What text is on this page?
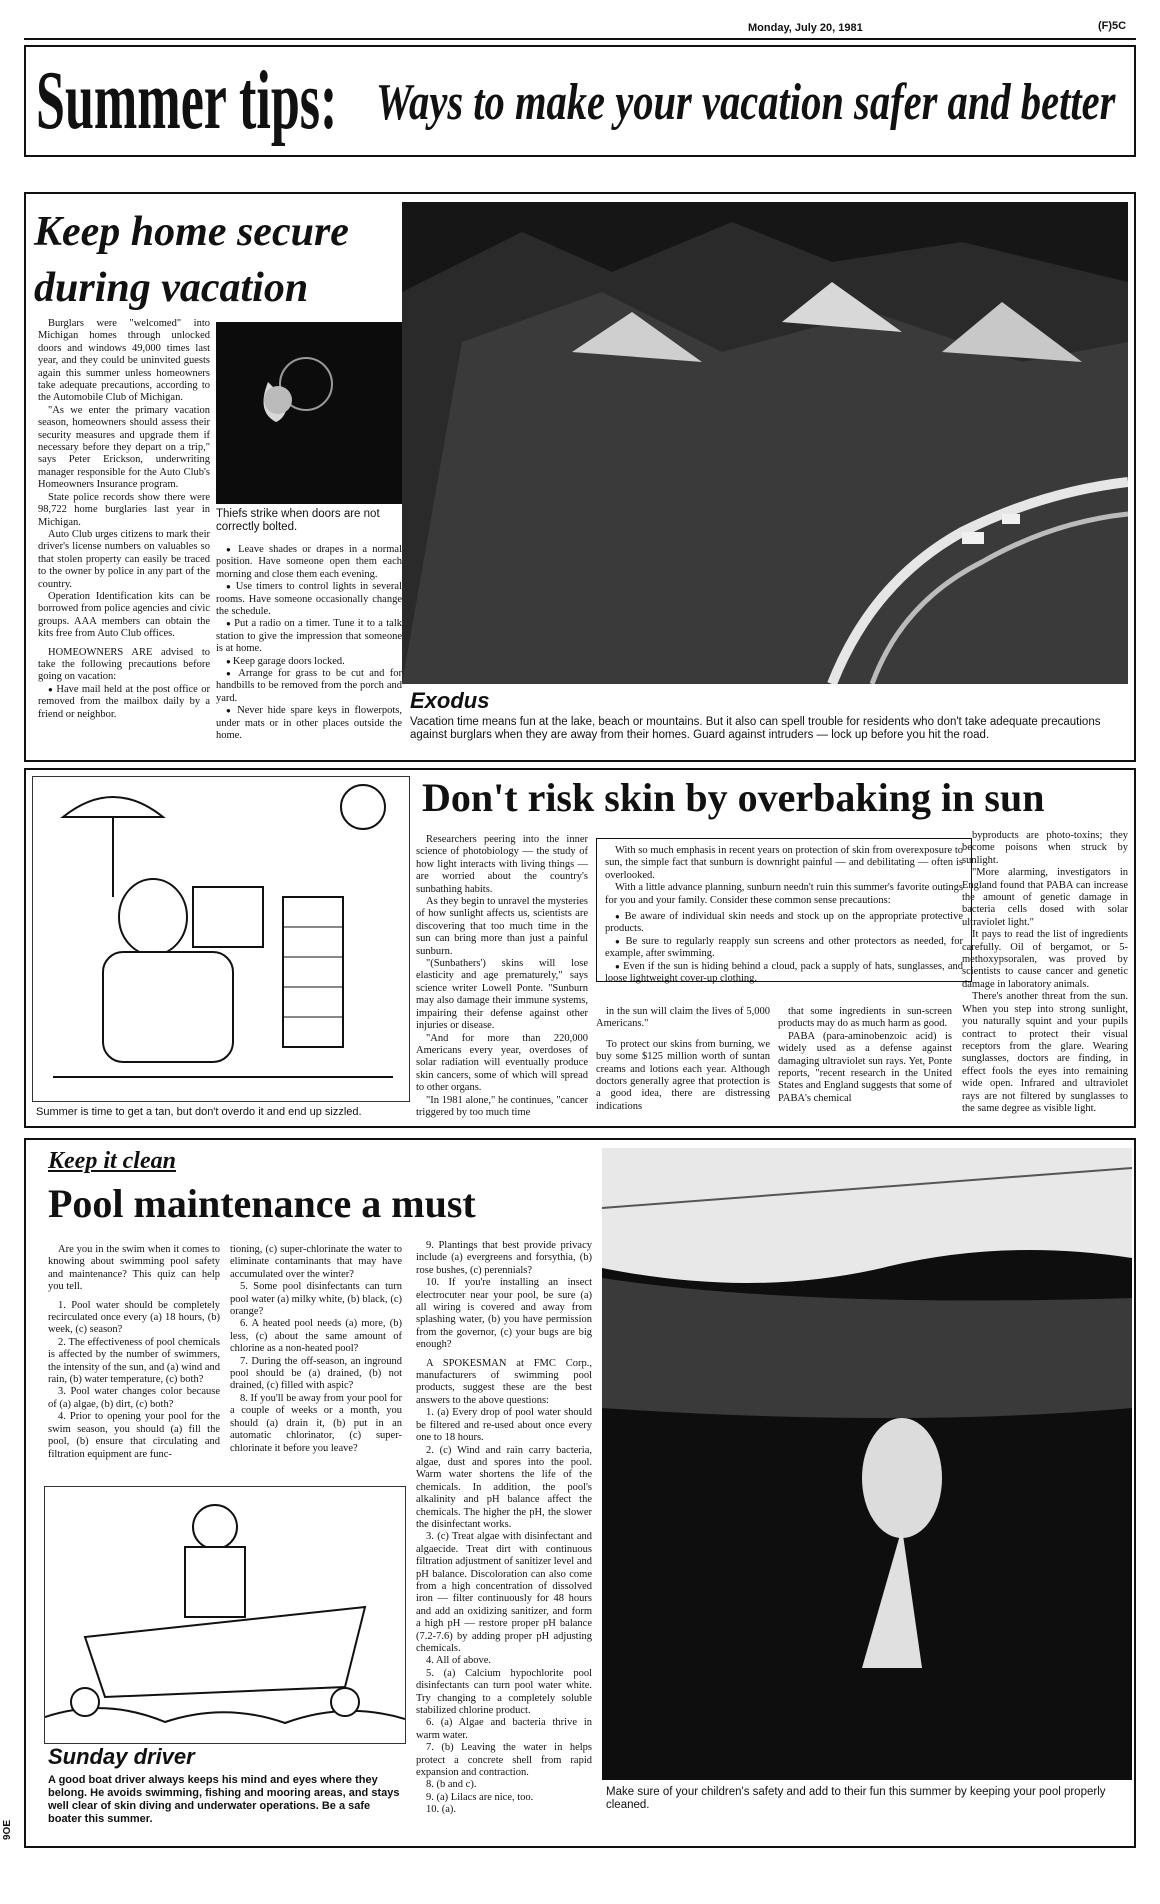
Monday, July 20, 1981	(F)5C
Summer tips: Ways to make your vacation safer and better
Keep home secure during vacation

Burglars were "welcomed" into Michigan homes through unlocked doors and windows 49,000 times last year, and they could be uninvited guests again this summer unless homeowners take adequate precautions, according to the Automobile Club of Michigan.

"As we enter the primary vacation season, homeowners should assess their security measures and upgrade them if necessary before they depart on a trip," says Peter Erickson, underwriting manager responsible for the Auto Club's Homeowners Insurance program.

State police records show there were 98,722 home burglaries last year in Michigan.

Auto Club urges citizens to mark their driver's license numbers on valuables so that stolen property can easily be traced to the owner by police in any part of the country.

Operation Identification kits can be borrowed from police agencies and civic groups. AAA members can obtain the kits free from Auto Club offices.

HOMEOWNERS ARE advised to take the following precautions before going on vacation:

● Have mail held at the post office or removed from the mailbox daily by a friend or neighbor.
Thiefs strike when doors are not correctly bolted.
● Leave shades or drapes in a normal position. Have someone open them each morning and close them each evening.
● Use timers to control lights in several rooms. Have someone occasionally change the schedule.
● Put a radio on a timer. Tune it to a talk station to give the impression that someone is at home.
● Keep garage doors locked.
● Arrange for grass to be cut and for handbills to be removed from the porch and yard.
● Never hide spare keys in flowerpots, under mats or in other places outside the home.
Exodus
Vacation time means fun at the lake, beach or mountains. But it also can spell trouble for residents who don't take adequate precautions against burglars when they are away from their homes. Guard against intruders — lock up before you hit the road.
Summer is time to get a tan, but don't overdo it and end up sizzled.
Don't risk skin by overbaking in sun

Researchers peering into the inner science of photobiology — the study of how light interacts with living things — are worried about the country's sunbathing habits.

As they begin to unravel the mysteries of how sunlight affects us, scientists are discovering that too much time in the sun can bring more than just a painful sunburn.

"(Sunbathers') skins will lose elasticity and age prematurely," says science writer Lowell Ponte. "Sunburn may also damage their immune systems, impairing their defense against other injuries or disease.

"And for more than 220,000 Americans every year, overdoses of solar radiation will eventually produce skin cancers, some of which will spread to other organs.

"In 1981 alone," he continues, "cancer triggered by too much time

With so much emphasis in recent years on protection of skin from overexposure to sun, the simple fact that sunburn is downright painful — and debilitating — often is overlooked.

With a little advance planning, sunburn needn't ruin this summer's favorite outings for you and your family. Consider these common sense precautions:

● Be aware of individual skin needs and stock up on the appropriate protective products.
● Be sure to regularly reapply sun screens and other protectors as needed, for example, after swimming.
● Even if the sun is hiding behind a cloud, pack a supply of hats, sunglasses, and loose lightweight cover-up clothing.

in the sun will claim the lives of 5,000 Americans."

To protect our skins from burning, we buy some $125 million worth of suntan creams and lotions each year. Although doctors generally agree that protection is a good idea, there are distressing indications

that some ingredients in sun-screen products may do as much harm as good.

PABA (para-aminobenzoic acid) is widely used as a defense against damaging ultraviolet sun rays. Yet, Ponte reports, "recent research in the United States and England suggests that some of PABA's chemical

byproducts are photo-toxins; they become poisons when struck by sunlight.

"More alarming, investigators in England found that PABA can increase the amount of genetic damage in bacteria cells dosed with solar ultraviolet light."

It pays to read the list of ingredients carefully. Oil of bergamot, or 5-methoxypsoralen, was proved by scientists to cause cancer and genetic damage in laboratory animals.

There's another threat from the sun. When you step into strong sunlight, you naturally squint and your pupils contract to protect their visual receptors from the glare. Wearing sunglasses, doctors are finding, in effect fools the eyes into remaining wide open. Infrared and ultraviolet rays are not filtered by sunglasses to the same degree as visible light.

Keep it clean
Pool maintenance a must

Are you in the swim when it comes to knowing about swimming pool safety and maintenance? This quiz can help you tell.

1. Pool water should be completely recirculated once every (a) 18 hours, (b) week, (c) season?

2. The effectiveness of pool chemicals is affected by the number of swimmers, the intensity of the sun, and (a) wind and rain, (b) water temperature, (c) both?

3. Pool water changes color because of (a) algae, (b) dirt, (c) both?

4. Prior to opening your pool for the swim season, you should (a) fill the pool, (b) ensure that circulating and filtration equipment are func-

tioning, (c) super-chlorinate the water to eliminate contaminants that may have accumulated over the winter?

5. Some pool disinfectants can turn pool water (a) milky white, (b) black, (c) orange?

6. A heated pool needs (a) more, (b) less, (c) about the same amount of chlorine as a non-heated pool?

7. During the off-season, an inground pool should be (a) drained, (b) not drained, (c) filled with aspic?

8. If you'll be away from your pool for a couple of weeks or a month, you should (a) drain it, (b) put in an automatic chlorinator, (c) super-chlorinate it before you leave?

9. Plantings that best provide privacy include (a) evergreens and forsythia, (b) rose bushes, (c) perennials?

10. If you're installing an insect electrocuter near your pool, be sure (a) all wiring is covered and away from splashing water, (b) you have permission from the governor, (c) your bugs are big enough?

A SPOKESMAN at FMC Corp., manufacturers of swimming pool products, suggest these are the best answers to the above questions:

1. (a) Every drop of pool water should be filtered and re-used about once every one to 18 hours.

2. (c) Wind and rain carry bacteria, algae, dust and spores into the pool. Warm water shortens the life of the chemicals. In addition, the pool's alkalinity and pH balance affect the chemicals. The higher the pH, the slower the disinfectant works.

3. (c) Treat algae with disinfectant and algaecide. Treat dirt with continuous filtration adjustment of sanitizer level and pH balance. Discoloration can also come from a high concentration of dissolved iron — filter continuously for 48 hours and add an oxidizing sanitizer, and form a high pH — restore proper pH balance (7.2-7.6) by adding proper pH adjusting chemicals.

4. All of above.

5. (a) Calcium hypochlorite pool disinfectants can turn pool water white. Try changing to a completely soluble stabilized chlorine product.

6. (a) Algae and bacteria thrive in warm water.

7. (b) Leaving the water in helps protect a concrete shell from rapid expansion and contraction.

8. (b and c).

9. (a) Lilacs are nice, too.

10. (a).

Sunday driver
A good boat driver always keeps his mind and eyes where they belong. He avoids swimming, fishing and mooring areas, and stays well clear of skin diving and underwater operations. Be a safe boater this summer.
Make sure of your children's safety and add to their fun this summer by keeping your pool properly cleaned.
9OE
